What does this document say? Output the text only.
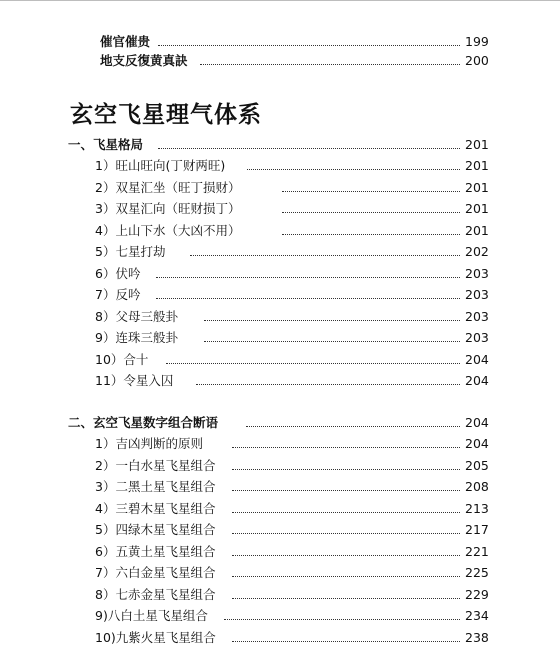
催官催贵	199
地支反復黄真訣	200
玄空飞星理气体系
一、飞星格局	201
1）旺山旺向(丁财两旺)	201
2）双星汇坐（旺丁损财）	201
3）双星汇向（旺财损丁）	201
4）上山下水（大凶不用）	201
5）七星打劫	202
6）伏吟	203
7）反吟	203
8）父母三般卦	203
9）连珠三般卦	203
10）合十	204
11）令星入囚	204
二、玄空飞星数字组合断语	204
1）吉凶判断的原则	204
2）一白水星飞星组合	205
3）二黑土星飞星组合	208
4）三碧木星飞星组合	213
5）四绿木星飞星组合	217
6）五黄土星飞星组合	221
7）六白金星飞星组合	225
8）七赤金星飞星组合	229
9)八白土星飞星组合	234
10)九紫火星飞星组合	238
